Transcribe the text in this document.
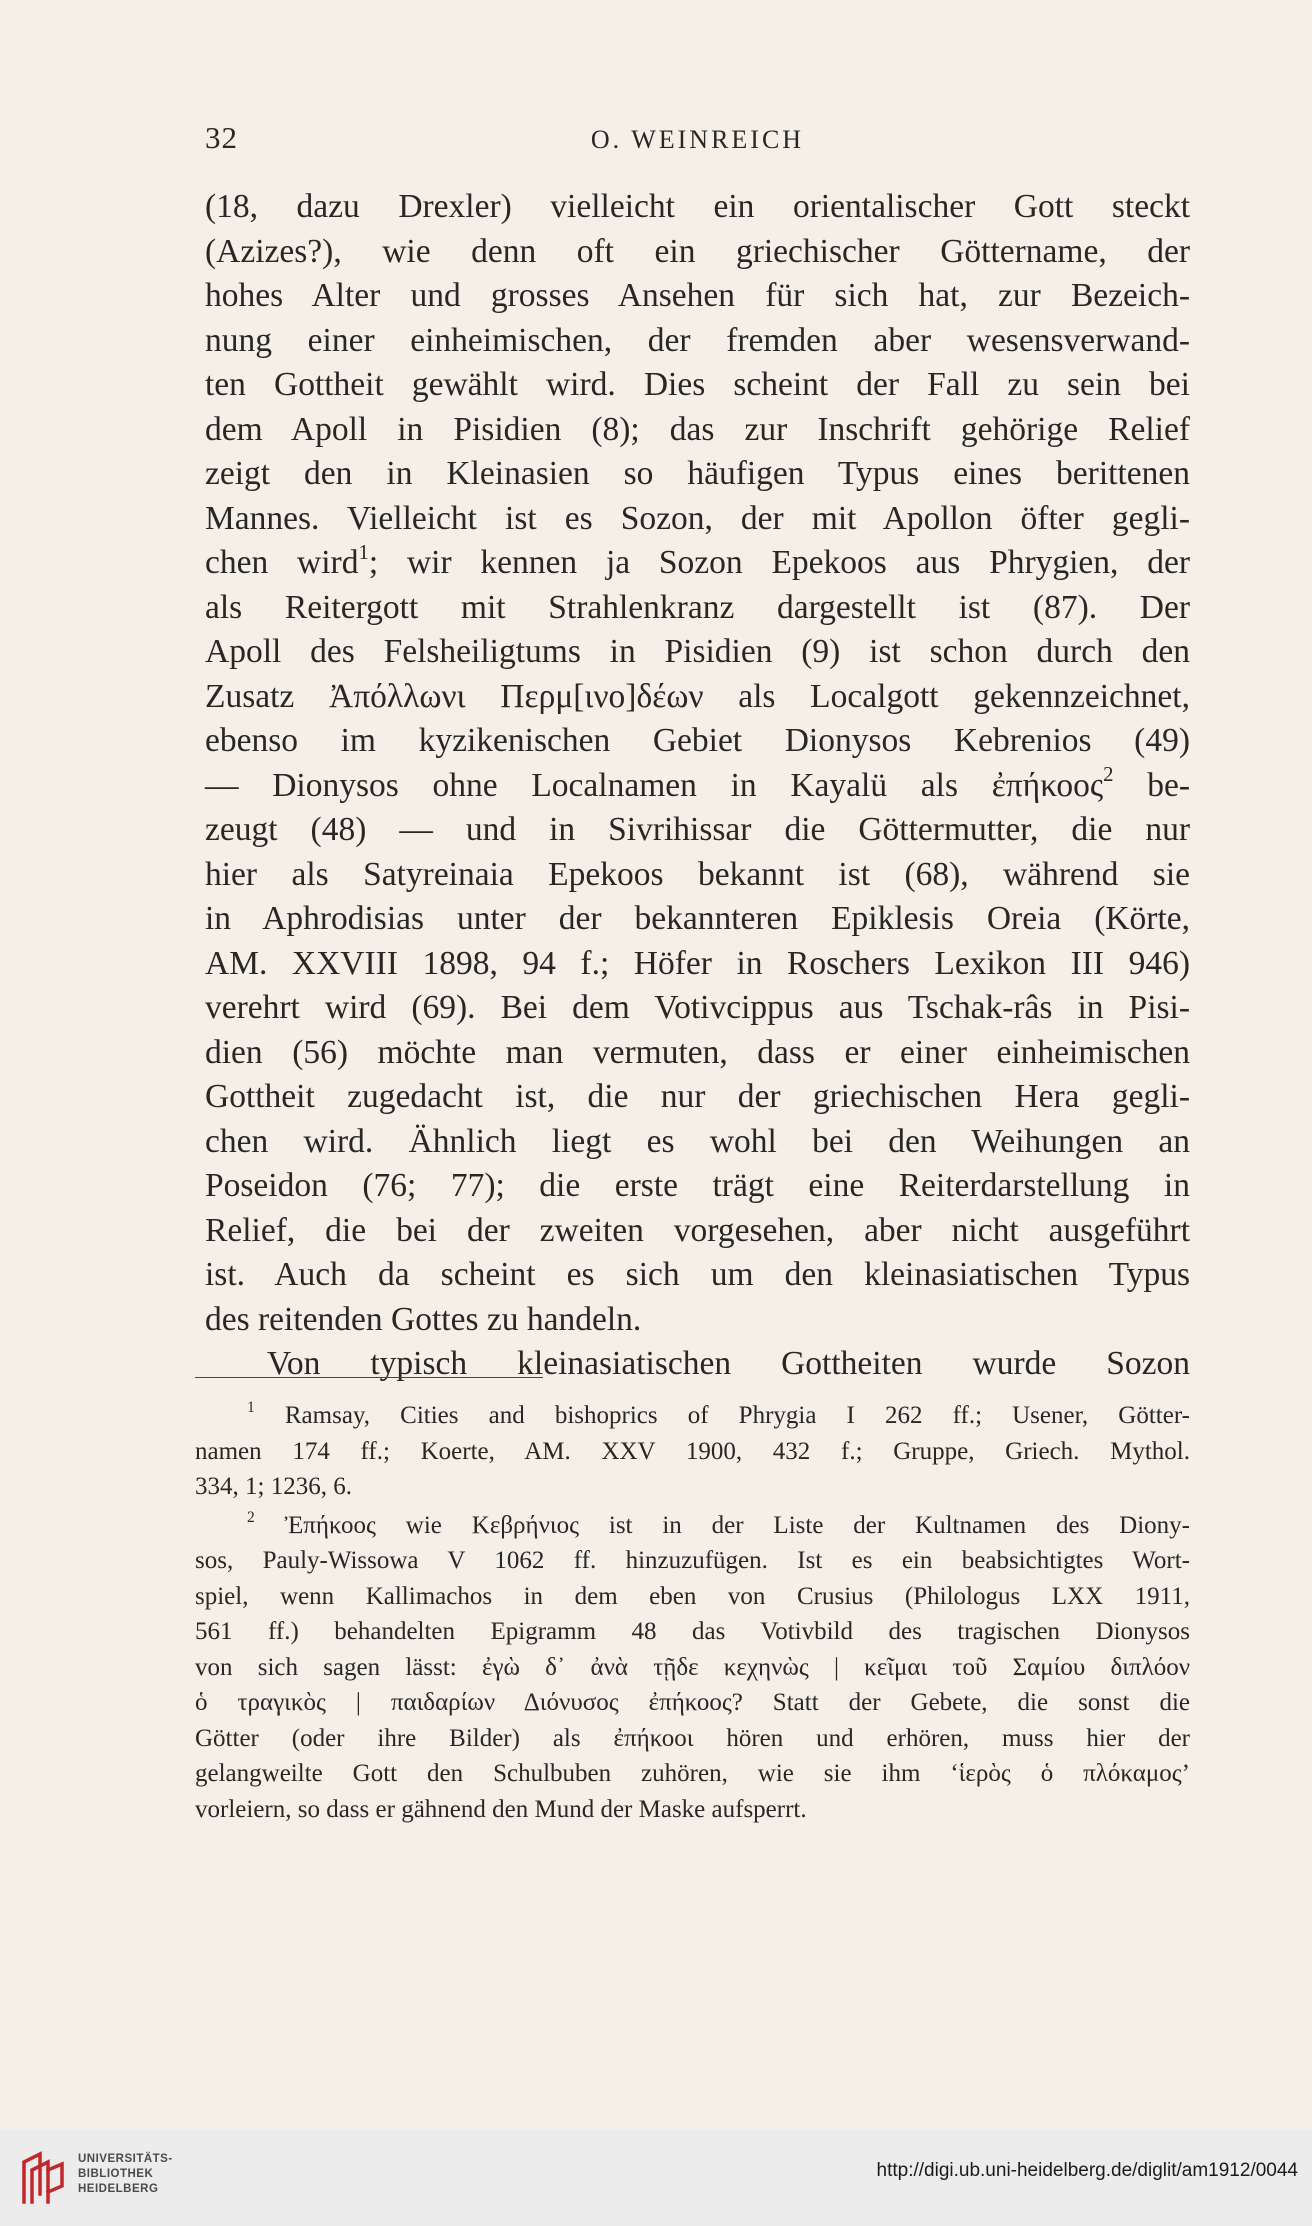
32	O. WEINREICH
(18, dazu Drexler) vielleicht ein orientalischer Gott steckt
(Azizes?), wie denn oft ein griechischer Göttername, der
hohes Alter und grosses Ansehen für sich hat, zur Bezeich-
nung einer einheimischen, der fremden aber wesensverwand-
ten Gottheit gewählt wird. Dies scheint der Fall zu sein bei
dem Apoll in Pisidien (8); das zur Inschrift gehörige Relief
zeigt den in Kleinasien so häufigen Typus eines berittenen
Mannes. Vielleicht ist es Sozon, der mit Apollon öfter gegli-
chen wird$^1$; wir kennen ja Sozon Epekoos aus Phrygien, der
als Reitergott mit Strahlenkranz dargestellt ist (87). Der
Apoll des Felsheiligtums in Pisidien (9) ist schon durch den
Zusatz Ἀπόλλωνι Περμ[ινο]δέων als Localgott gekennzeichnet,
ebenso im kyzikenischen Gebiet Dionysos Kebrenios (49)
— Dionysos ohne Localnamen in Kayalü als ἐπήκοος$^2$ be-
zeugt (48) — und in Sivrihissar die Göttermutter, die nur
hier als Satyreinaia Epekoos bekannt ist (68), während sie
in Aphrodisias unter der bekannteren Epiklesis Oreia (Körte,
AM. XXVIII 1898, 94 f.; Höfer in Roschers Lexikon III 946)
verehrt wird (69). Bei dem Votivcippus aus Tschak-râs in Pisi-
dien (56) möchte man vermuten, dass er einer einheimischen
Gottheit zugedacht ist, die nur der griechischen Hera gegli-
chen wird. Ähnlich liegt es wohl bei den Weihungen an
Poseidon (76; 77); die erste trägt eine Reiterdarstellung in
Relief, die bei der zweiten vorgesehen, aber nicht ausgeführt
ist. Auch da scheint es sich um den kleinasiatischen Typus
des reitenden Gottes zu handeln.
Von typisch kleinasiatischen Gottheiten wurde Sozon
$^1$ Ramsay, Cities and bishoprics of Phrygia I 262 ff.; Usener, Götter-
namen 174 ff.; Koerte, AM. XXV 1900, 432 f.; Gruppe, Griech. Mythol.
334, 1; 1236, 6.
$^2$ Ἐπήκοος wie Κεβρήνιος ist in der Liste der Kultnamen des Diony-
sos, Pauly-Wissowa V 1062 ff. hinzuzufügen. Ist es ein beabsichtigtes Wort-
spiel, wenn Kallimachos in dem eben von Crusius (Philologus LXX 1911,
561 ff.) behandelten Epigramm 48 das Votivbild des tragischen Dionysos
von sich sagen lässt: ἐγὼ δ᾽ ἀνὰ τῇδε κεχηνὼς | κεῖμαι τοῦ Σαμίου διπλόον
ὁ τραγικὸς | παιδαρίων Διόνυσος ἐπήκοος? Statt der Gebete, die sonst die
Götter (oder ihre Bilder) als ἐπήκοοι hören und erhören, muss hier der
gelangweilte Gott den Schulbuben zuhören, wie sie ihm ‘ἱερὸς ὁ πλόκαμος’
vorleiern, so dass er gähnend den Mund der Maske aufsperrt.
UNIVERSITÄTS-
BIBLIOTHEK
HEIDELBERG
http://digi.ub.uni-heidelberg.de/diglit/am1912/0044
